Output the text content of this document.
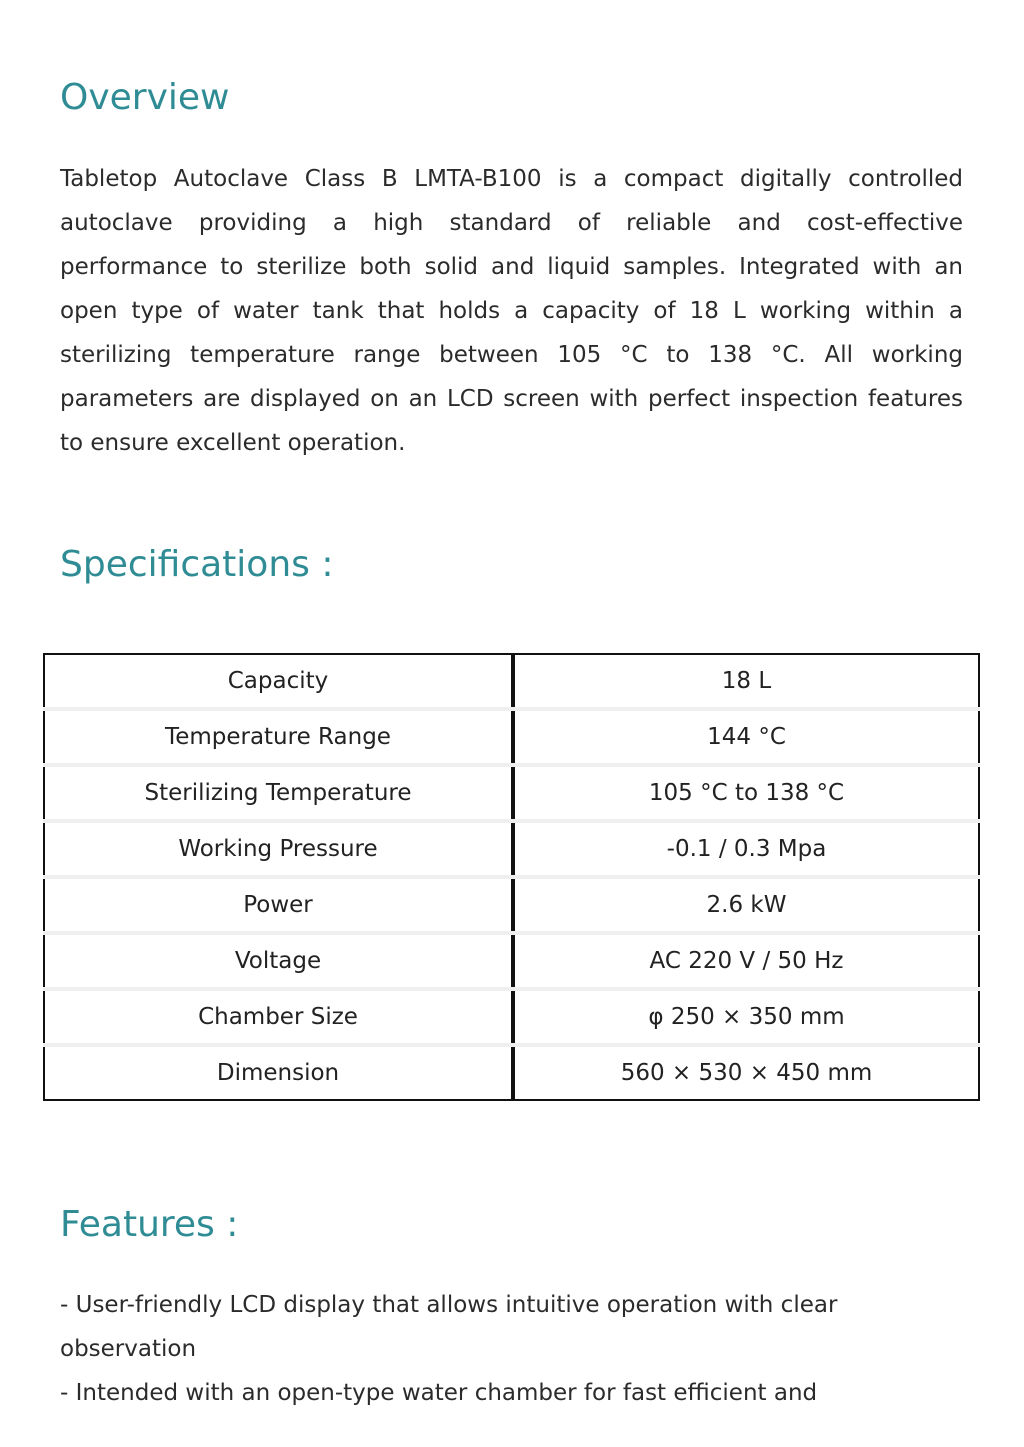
Overview

Tabletop Autoclave Class B LMTA-B100 is a compact digitally controlled autoclave providing a high standard of reliable and cost-effective performance to sterilize both solid and liquid samples. Integrated with an open type of water tank that holds a capacity of 18 L working within a sterilizing temperature range between 105 °C to 138 °C. All working parameters are displayed on an LCD screen with perfect inspection features to ensure excellent operation.

Specifications :
Capacity	18 L
Temperature Range	144 °C
Sterilizing Temperature	105 °C to 138 °C
Working Pressure	-0.1 / 0.3 Mpa
Power	2.6 kW
Voltage	AC 220 V / 50 Hz
Chamber Size	φ 250 × 350 mm
Dimension	560 × 530 × 450 mm
Features :
- User-friendly LCD display that allows intuitive operation with clear observation
- Intended with an open-type water chamber for fast efficient and
